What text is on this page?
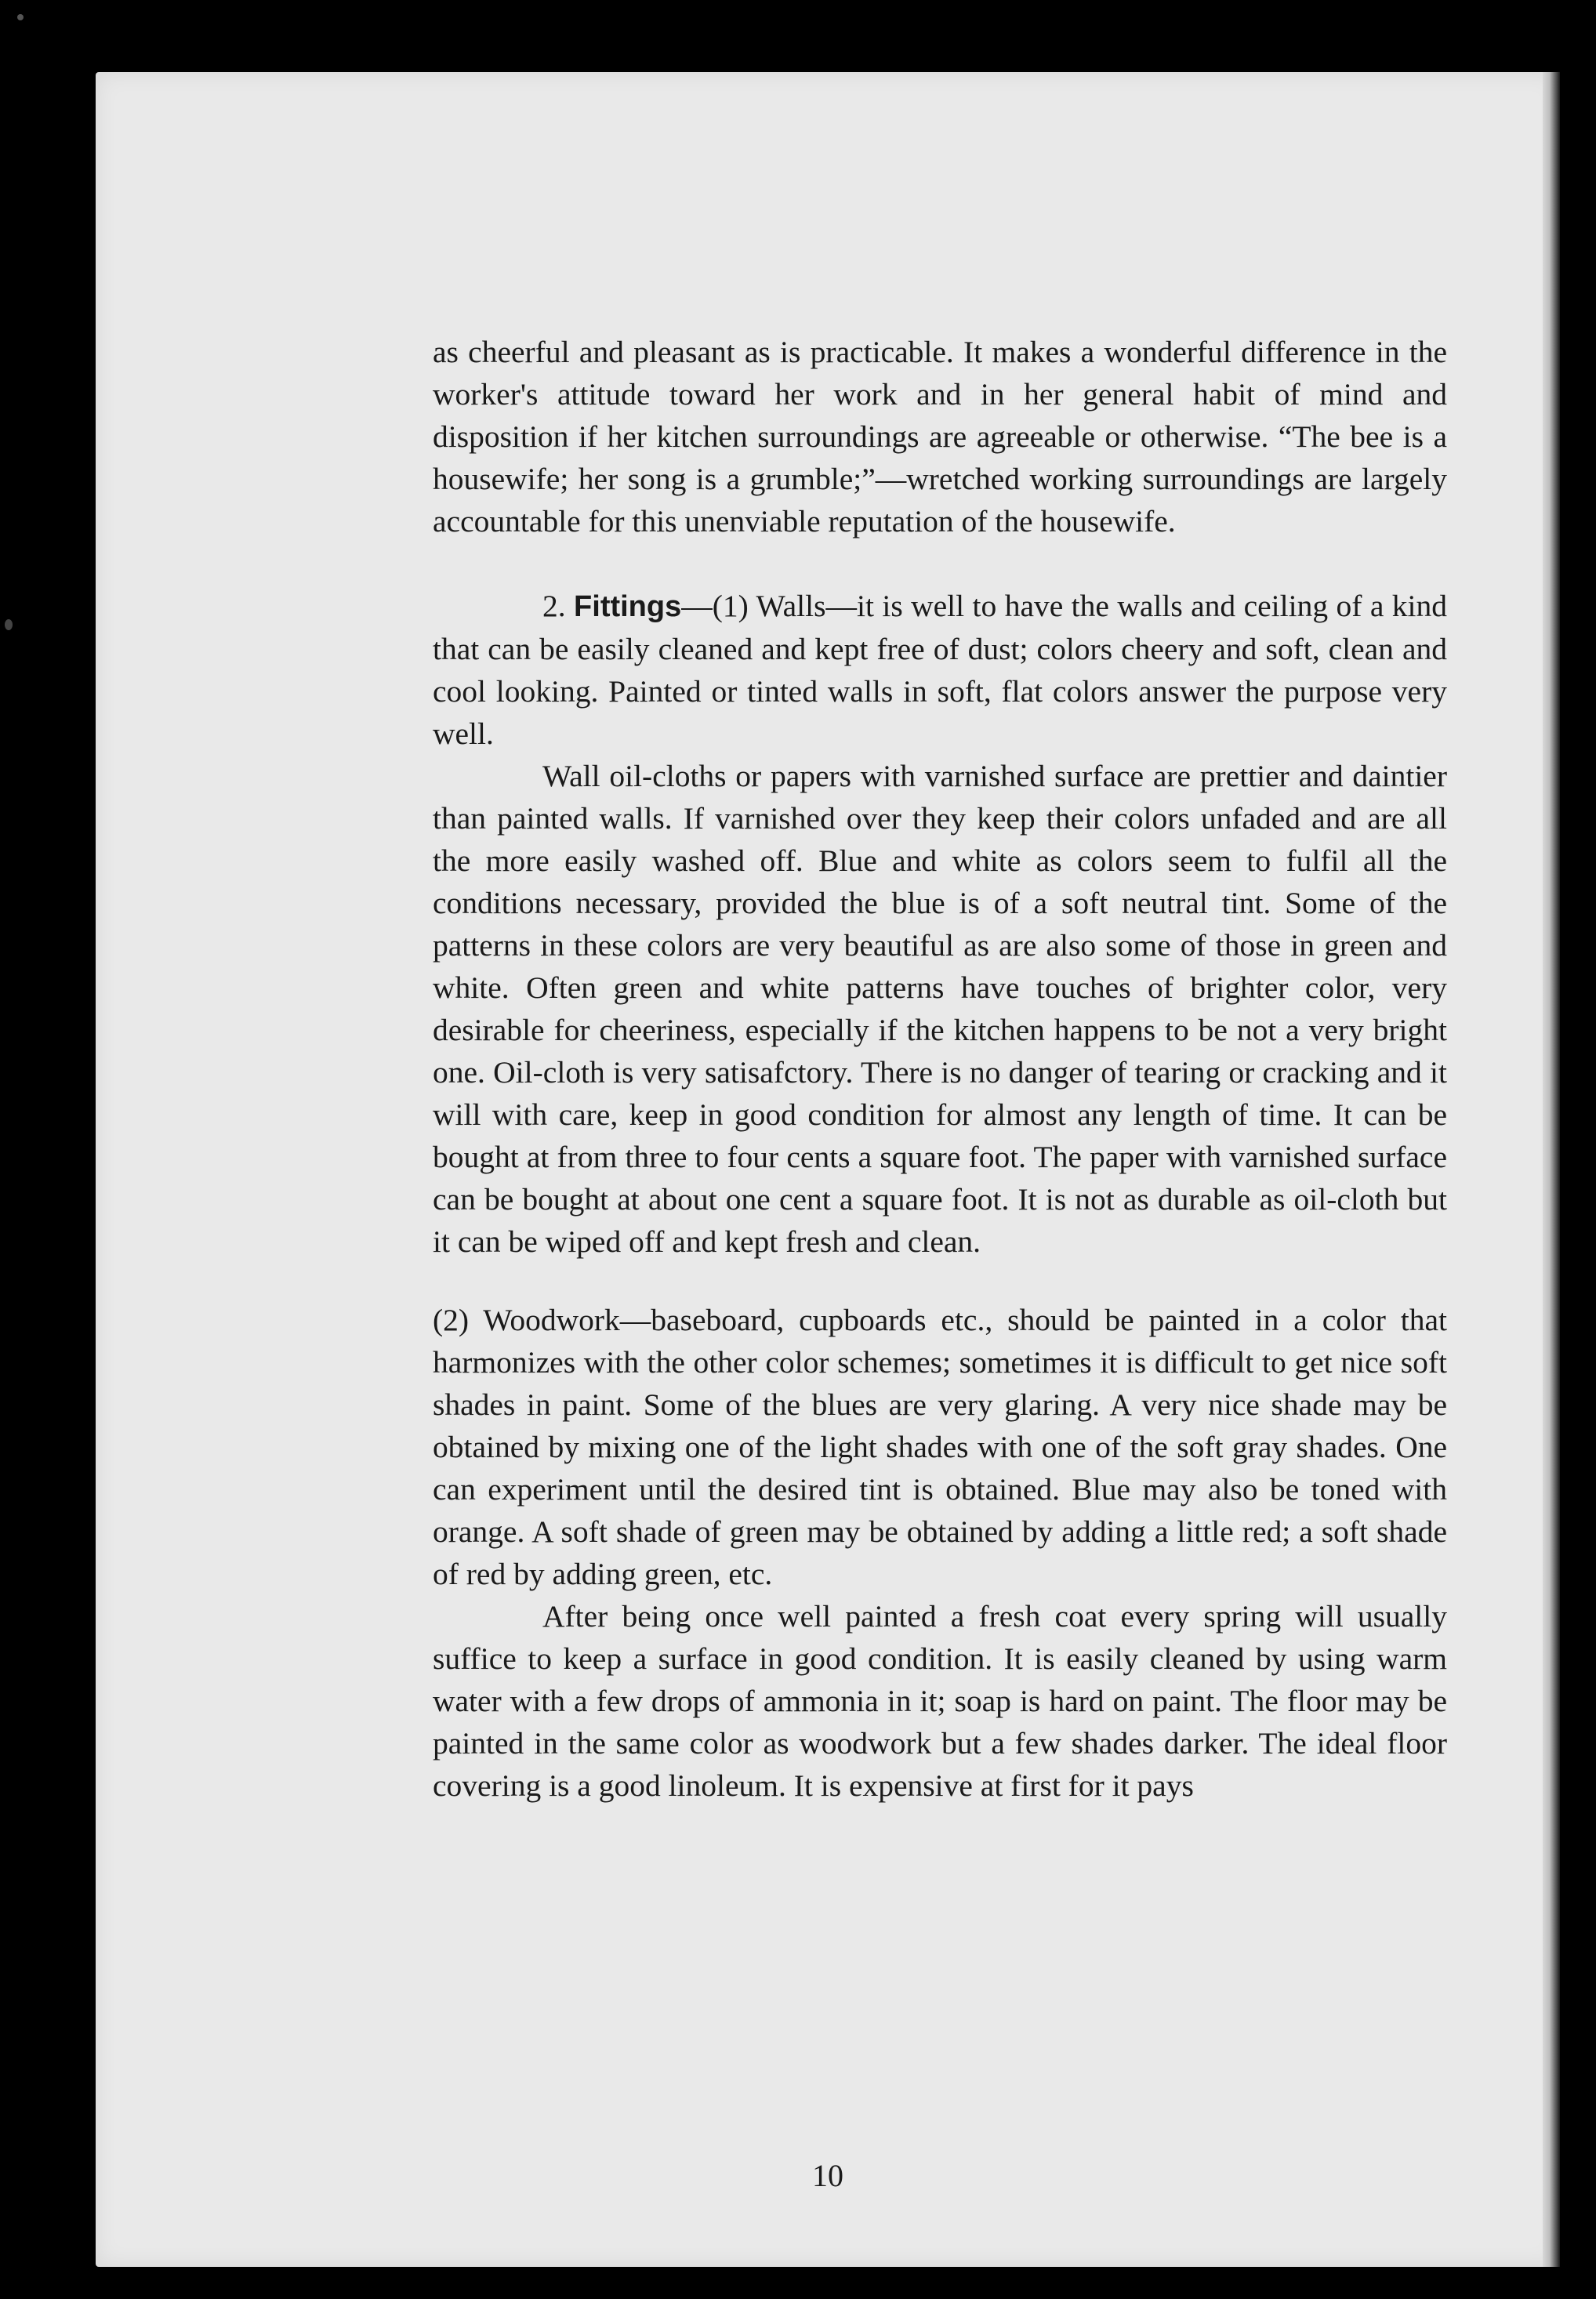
as cheerful and pleasant as is practicable. It makes a wonderful difference in the worker's attitude toward her work and in her general habit of mind and disposition if her kitchen surroundings are agreeable or otherwise. “The bee is a housewife; her song is a grumble;”—wretched working surroundings are largely accountable for this unenviable reputation of the housewife.

2. Fittings—(1) Walls—it is well to have the walls and ceiling of a kind that can be easily cleaned and kept free of dust; colors cheery and soft, clean and cool looking. Painted or tinted walls in soft, flat colors answer the purpose very well.

Wall oil-cloths or papers with varnished surface are prettier and daintier than painted walls. If varnished over they keep their colors unfaded and are all the more easily washed off. Blue and white as colors seem to fulfil all the conditions necessary, provided the blue is of a soft neutral tint. Some of the patterns in these colors are very beautiful as are also some of those in green and white. Often green and white patterns have touches of brighter color, very desirable for cheeriness, especially if the kitchen happens to be not a very bright one. Oil-cloth is very satisafctory. There is no danger of tearing or cracking and it will with care, keep in good condition for almost any length of time. It can be bought at from three to four cents a square foot. The paper with varnished surface can be bought at about one cent a square foot. It is not as durable as oil-cloth but it can be wiped off and kept fresh and clean.

(2) Woodwork—baseboard, cupboards etc., should be painted in a color that harmonizes with the other color schemes; sometimes it is difficult to get nice soft shades in paint. Some of the blues are very glaring. A very nice shade may be obtained by mixing one of the light shades with one of the soft gray shades. One can experiment until the desired tint is obtained. Blue may also be toned with orange. A soft shade of green may be obtained by adding a little red; a soft shade of red by adding green, etc.

After being once well painted a fresh coat every spring will usually suffice to keep a surface in good condition. It is easily cleaned by using warm water with a few drops of ammonia in it; soap is hard on paint. The floor may be painted in the same color as woodwork but a few shades darker. The ideal floor covering is a good linoleum. It is expensive at first for it pays

10
